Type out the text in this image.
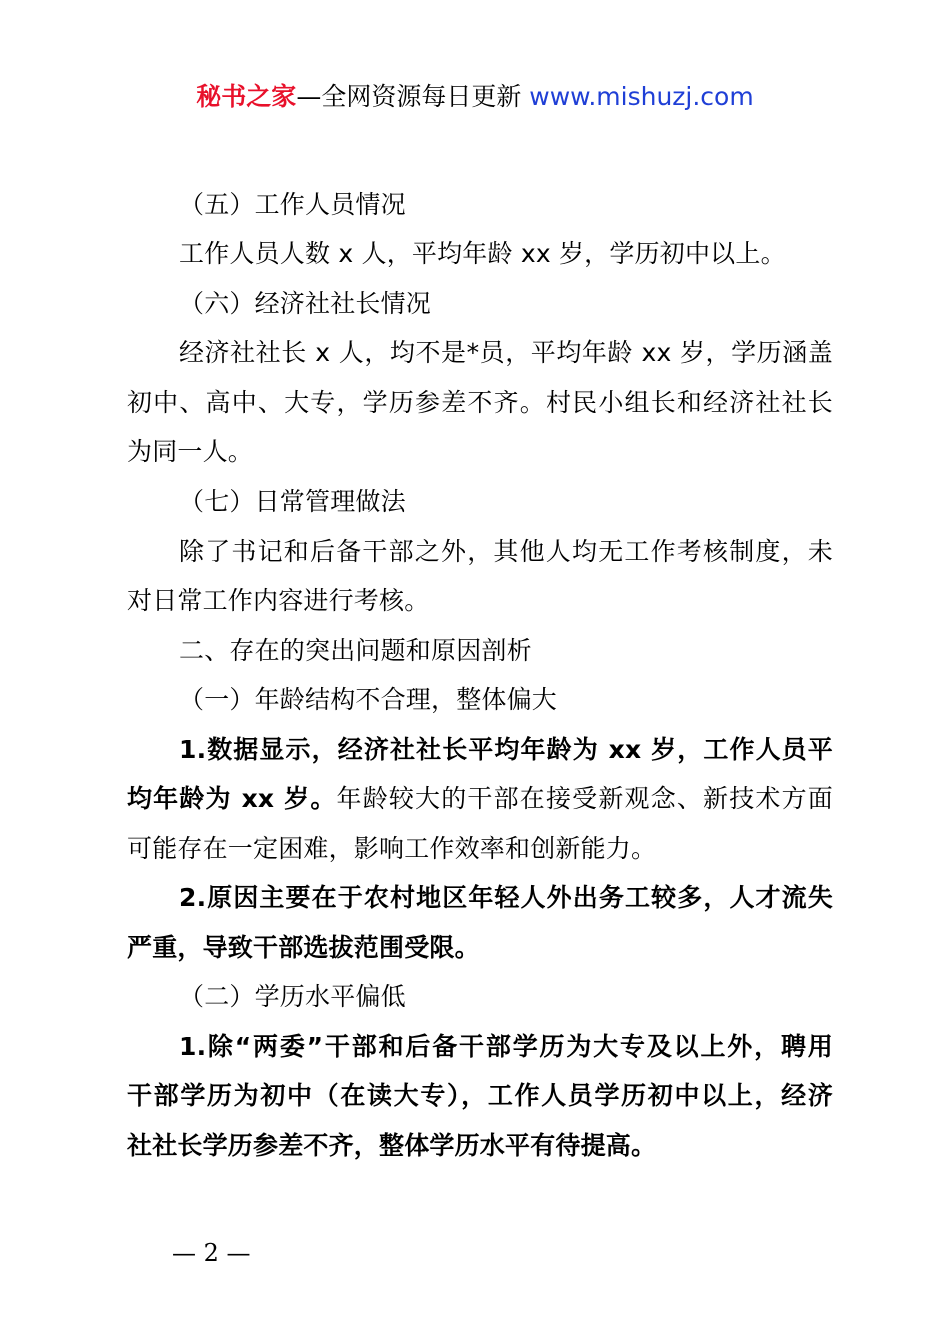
秘书之家—全网资源每日更新 www.mishuzj.com
（五）工作人员情况
工作人员人数 x 人，平均年龄 xx 岁，学历初中以上。
（六）经济社社长情况
经济社社长 x 人，均不是*员，平均年龄 xx 岁，学历涵盖
初中、高中、大专，学历参差不齐。村民小组长和经济社社长
为同一人。
（七）日常管理做法
除了书记和后备干部之外，其他人均无工作考核制度，未
对日常工作内容进行考核。
二、存在的突出问题和原因剖析
（一）年龄结构不合理，整体偏大
1.数据显示，经济社社长平均年龄为 xx 岁，工作人员平
均年龄为 xx 岁。年龄较大的干部在接受新观念、新技术方面
可能存在一定困难，影响工作效率和创新能力。
2.原因主要在于农村地区年轻人外出务工较多，人才流失
严重，导致干部选拔范围受限。
（二）学历水平偏低
1.除“两委”干部和后备干部学历为大专及以上外，聘用
干部学历为初中（在读大专），工作人员学历初中以上，经济
社社长学历参差不齐，整体学历水平有待提高。
— 2 —
